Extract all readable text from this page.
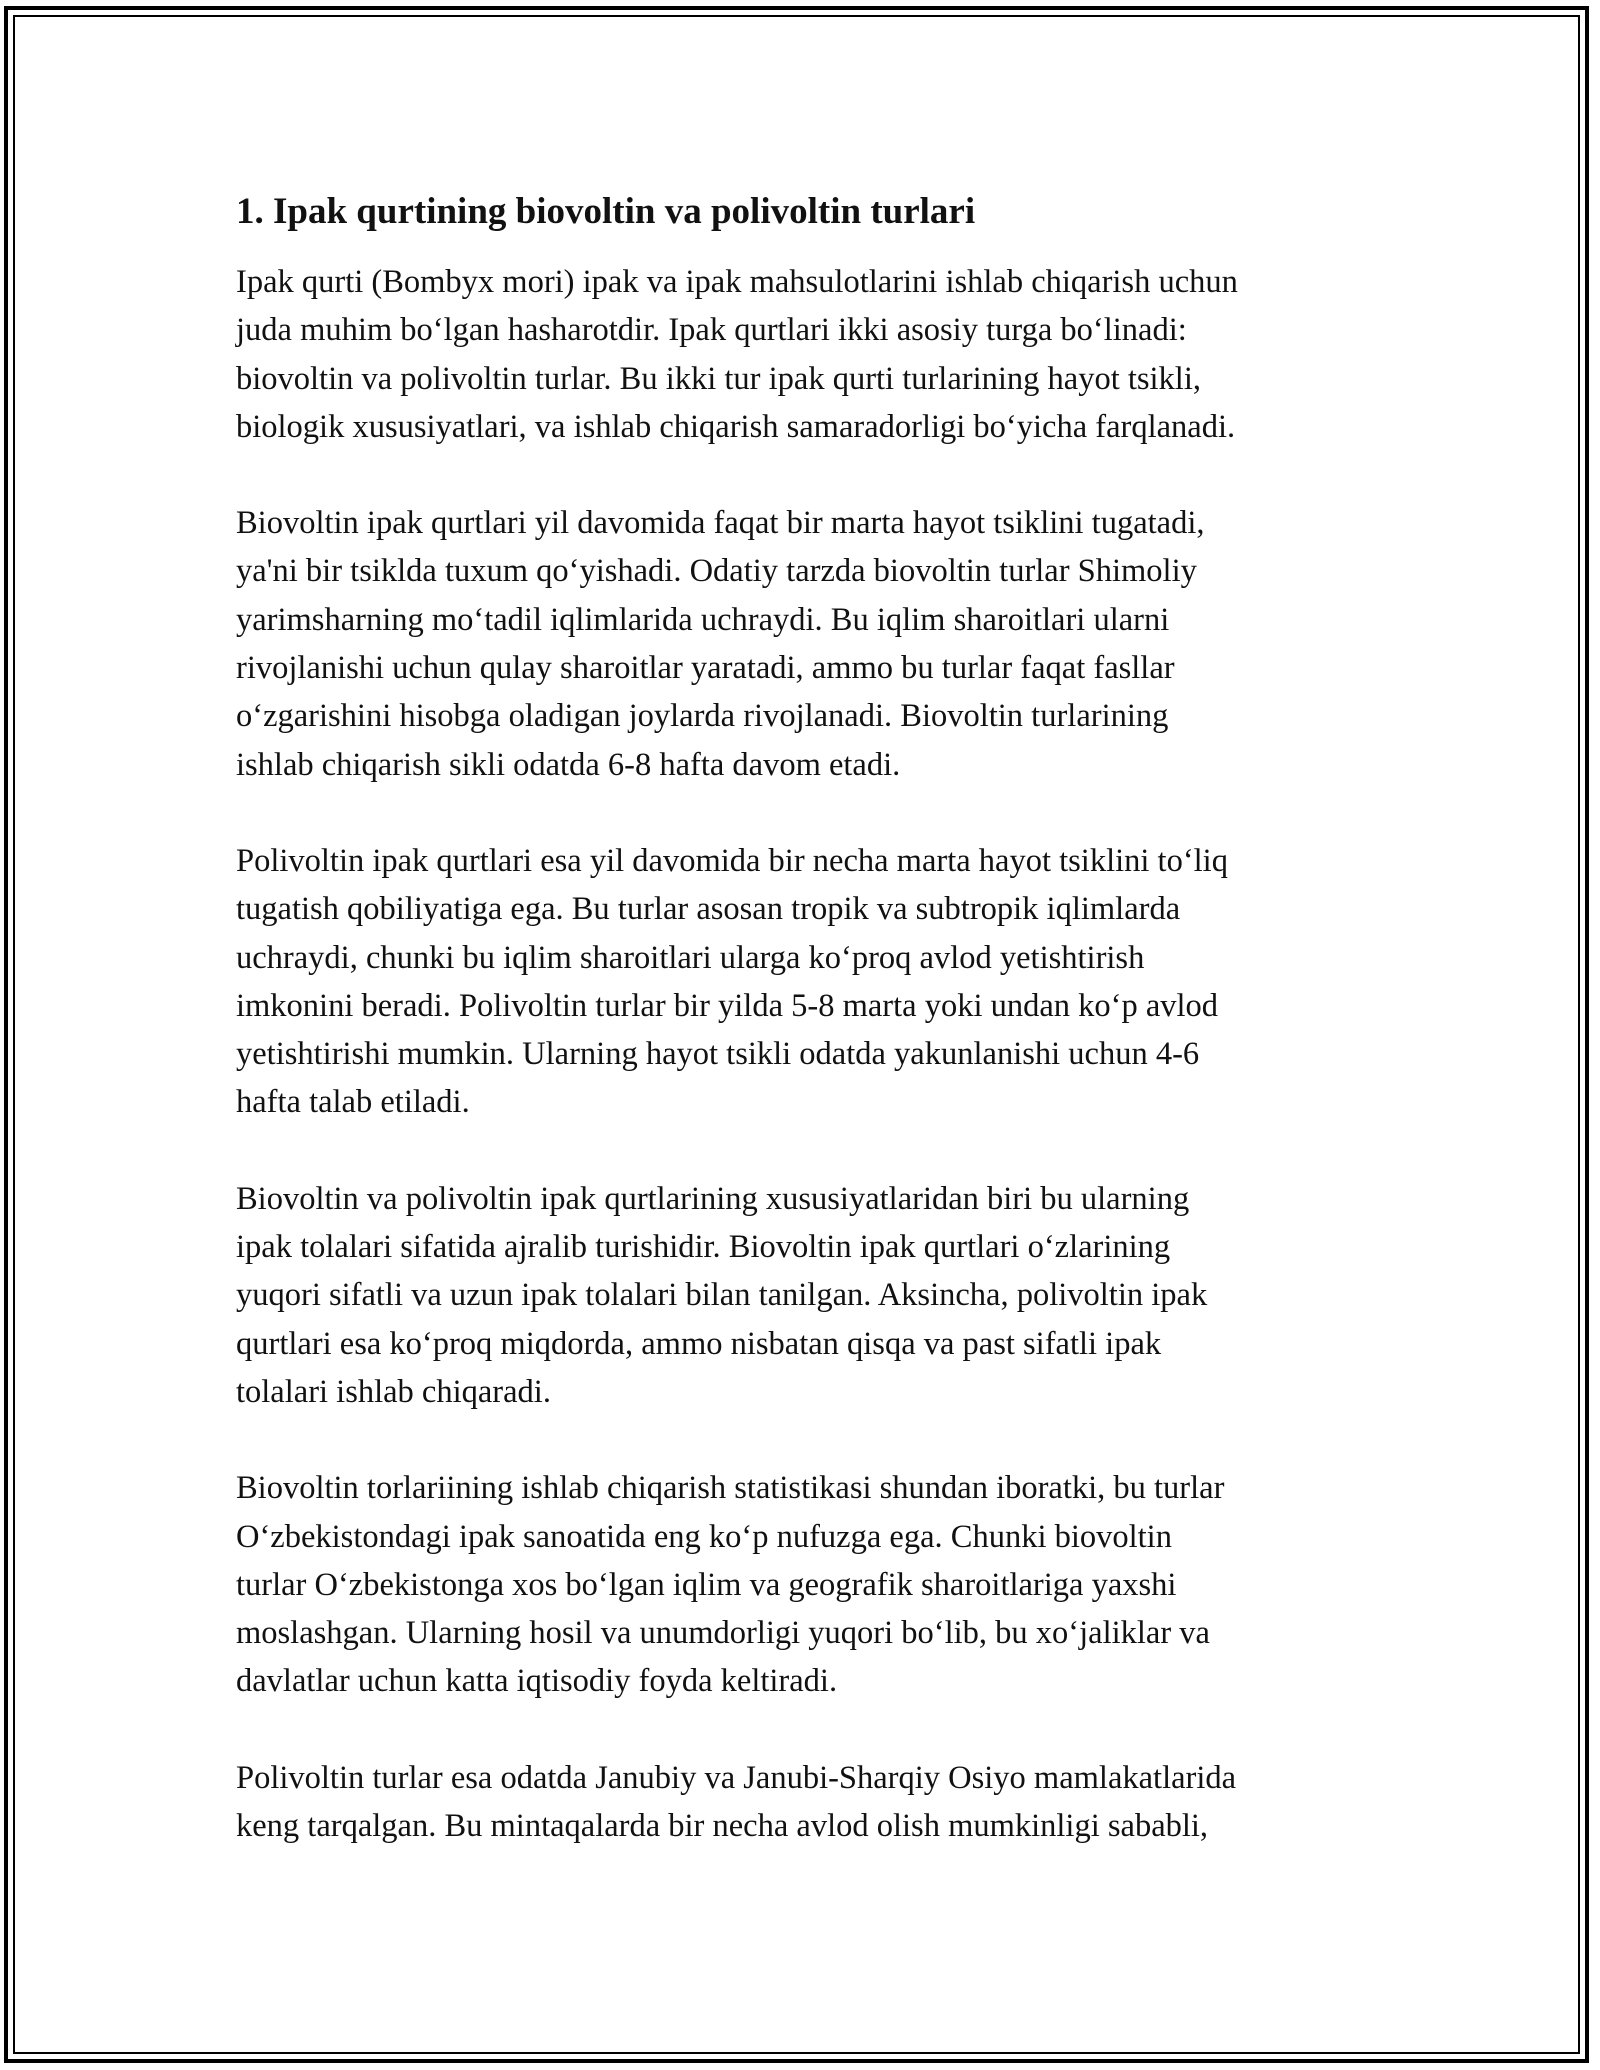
1. Ipak qurtining biovoltin va polivoltin turlari

Ipak qurti (Bombyx mori) ipak va ipak mahsulotlarini ishlab chiqarish uchun
juda muhim bo‘lgan hasharotdir. Ipak qurtlari ikki asosiy turga bo‘linadi:
biovoltin va polivoltin turlar. Bu ikki tur ipak qurti turlarining hayot tsikli,
biologik xususiyatlari, va ishlab chiqarish samaradorligi bo‘yicha farqlanadi.

Biovoltin ipak qurtlari yil davomida faqat bir marta hayot tsiklini tugatadi,
ya'ni bir tsiklda tuxum qo‘yishadi. Odatiy tarzda biovoltin turlar Shimoliy
yarimsharning mo‘tadil iqlimlarida uchraydi. Bu iqlim sharoitlari ularni
rivojlanishi uchun qulay sharoitlar yaratadi, ammo bu turlar faqat fasllar
o‘zgarishini hisobga oladigan joylarda rivojlanadi. Biovoltin turlarining
ishlab chiqarish sikli odatda 6-8 hafta davom etadi.

Polivoltin ipak qurtlari esa yil davomida bir necha marta hayot tsiklini to‘liq
tugatish qobiliyatiga ega. Bu turlar asosan tropik va subtropik iqlimlarda
uchraydi, chunki bu iqlim sharoitlari ularga ko‘proq avlod yetishtirish
imkonini beradi. Polivoltin turlar bir yilda 5-8 marta yoki undan ko‘p avlod
yetishtirishi mumkin. Ularning hayot tsikli odatda yakunlanishi uchun 4-6
hafta talab etiladi.

Biovoltin va polivoltin ipak qurtlarining xususiyatlaridan biri bu ularning
ipak tolalari sifatida ajralib turishidir. Biovoltin ipak qurtlari o‘zlarining
yuqori sifatli va uzun ipak tolalari bilan tanilgan. Aksincha, polivoltin ipak
qurtlari esa ko‘proq miqdorda, ammo nisbatan qisqa va past sifatli ipak
tolalari ishlab chiqaradi.

Biovoltin torlariining ishlab chiqarish statistikasi shundan iboratki, bu turlar
O‘zbekistondagi ipak sanoatida eng ko‘p nufuzga ega. Chunki biovoltin
turlar O‘zbekistonga xos bo‘lgan iqlim va geografik sharoitlariga yaxshi
moslashgan. Ularning hosil va unumdorligi yuqori bo‘lib, bu xo‘jaliklar va
davlatlar uchun katta iqtisodiy foyda keltiradi.

Polivoltin turlar esa odatda Janubiy va Janubi-Sharqiy Osiyo mamlakatlarida
keng tarqalgan. Bu mintaqalarda bir necha avlod olish mumkinligi sababli,
